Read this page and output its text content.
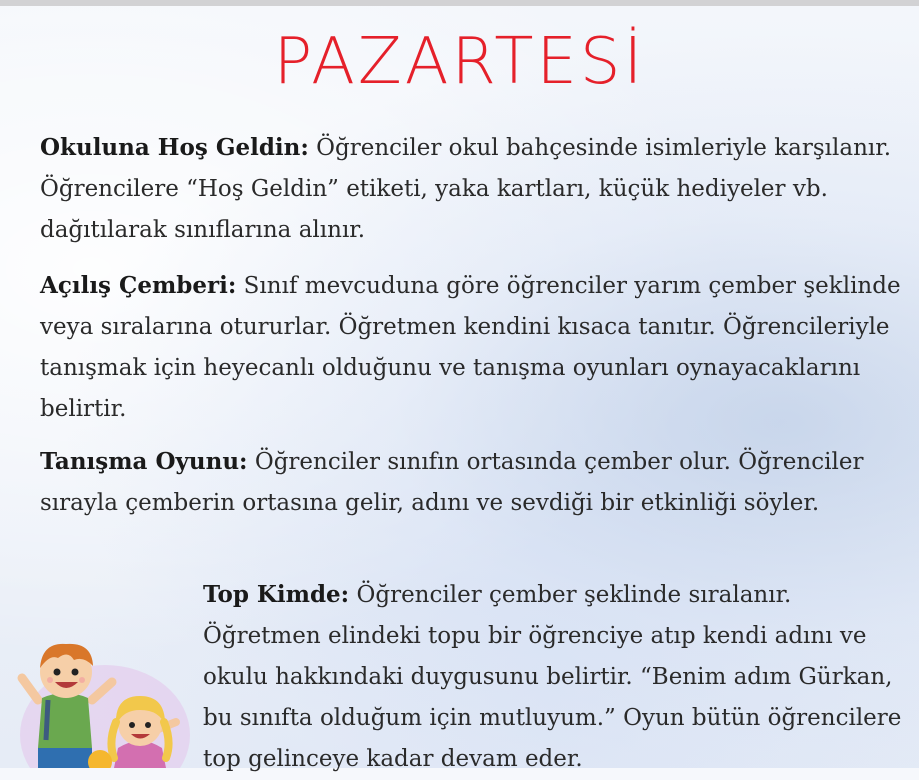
PAZARTESİ
Okuluna Hoş Geldin: Öğrenciler okul bahçesinde isimleriyle karşılanır. Öğrencilere “Hoş Geldin” etiketi, yaka kartları, küçük hediyeler vb. dağıtılarak sınıflarına alınır.
Açılış Çemberi: Sınıf mevcuduna göre öğrenciler yarım çember şeklinde veya sıralarına otururlar. Öğretmen kendini kısaca tanıtır. Öğrencileriyle tanışmak için heyecanlı olduğunu ve tanışma oyunları oynayacaklarını belirtir.
Tanışma Oyunu: Öğrenciler sınıfın ortasında çember olur. Öğrenciler sırayla çemberin ortasına gelir, adını ve sevdiği bir etkinliği söyler.
Top Kimde: Öğrenciler çember şeklinde sıralanır. Öğretmen elindeki topu bir öğrenciye atıp kendi adını ve okulu hakkındaki duygusunu belirtir. “Benim adım Gürkan, bu sınıfta olduğum için mutluyum.” Oyun bütün öğrencilere top gelinceye kadar devam eder.
